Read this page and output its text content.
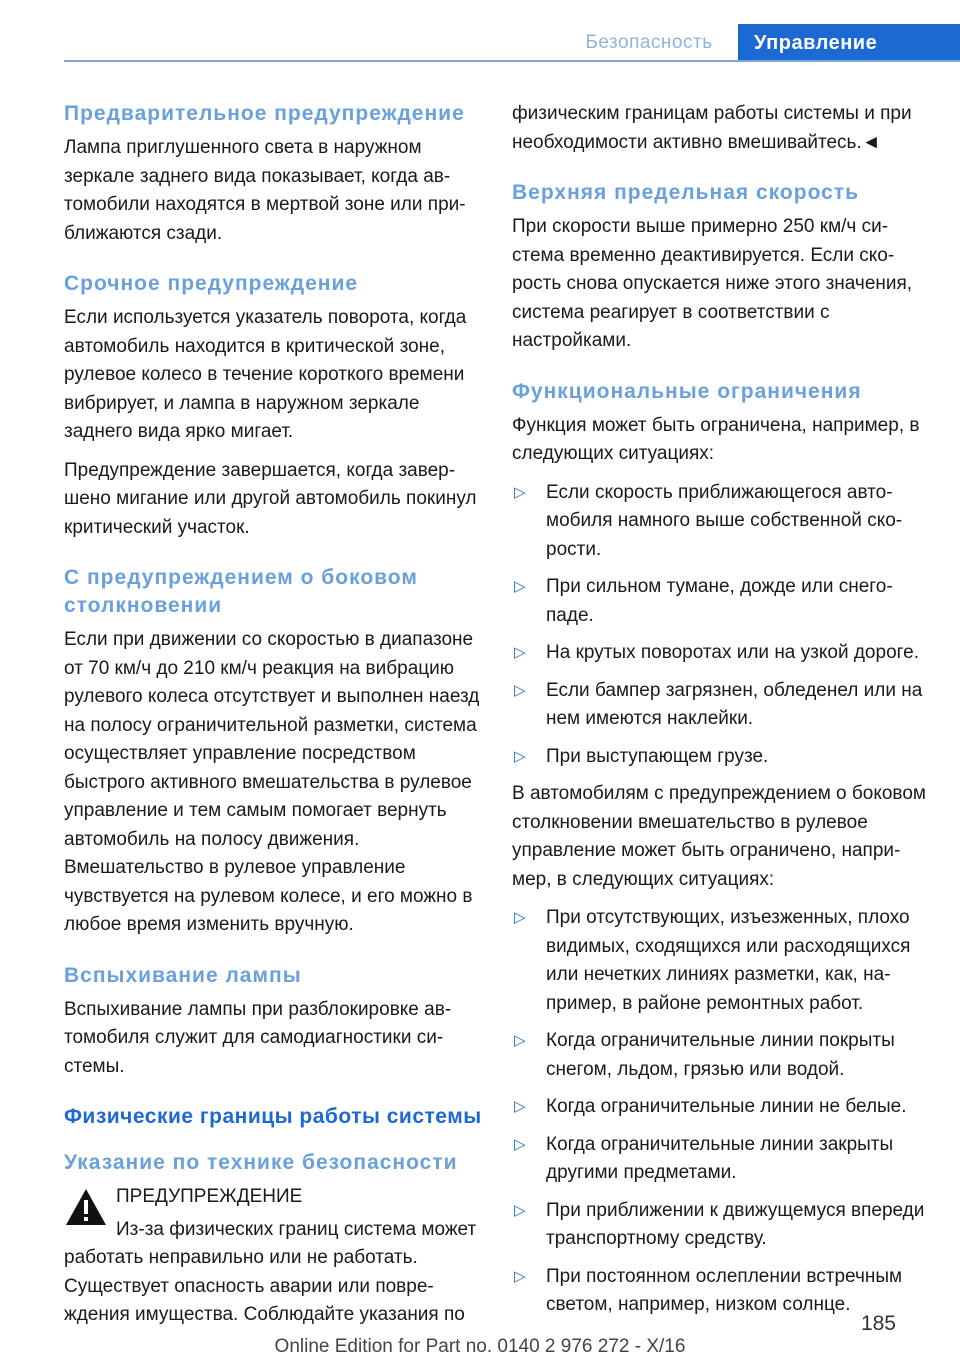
Безопасность	Управление
Предварительное предупреждение

Лампа приглушенного света в наружном зеркале заднего вида показывает, когда автомобили находятся в мертвой зоне или приближаются сзади.

Срочное предупреждение

Если используется указатель поворота, когда автомобиль находится в критической зоне, рулевое колесо в течение короткого времени вибрирует, и лампа в наружном зеркале заднего вида ярко мигает.

Предупреждение завершается, когда завершено мигание или другой автомобиль покинул критический участок.

С предупреждением о боковом столкновении

Если при движении со скоростью в диапазоне от 70 км/ч до 210 км/ч реакция на вибрацию рулевого колеса отсутствует и выполнен наезд на полосу ограничительной разметки, система осуществляет управление посредством быстрого активного вмешательства в рулевое управление и тем самым помогает вернуть автомобиль на полосу движения. Вмешательство в рулевое управление чувствуется на рулевом колесе, и его можно в любое время изменить вручную.

Вспыхивание лампы

Вспыхивание лампы при разблокировке автомобиля служит для самодиагностики системы.

Физические границы работы системы
Указание по технике безопасности
ПРЕДУПРЕЖДЕНИЕ

Из-за физических границ система может работать неправильно или не работать. Существует опасность аварии или повреждения имущества. Соблюдайте указания по

физическим границам работы системы и при необходимости активно вмешивайтесь.◄

Верхняя предельная скорость

При скорости выше примерно 250 км/ч система временно деактивируется. Если скорость снова опускается ниже этого значения, система реагирует в соответствии с настройками.

Функциональные ограничения

Функция может быть ограничена, например, в следующих ситуациях:

▷ Если скорость приближающегося автомобиля намного выше собственной скорости.
▷ При сильном тумане, дожде или снегопаде.
▷ На крутых поворотах или на узкой дороге.
▷ Если бампер загрязнен, обледенел или на нем имеются наклейки.
▷ При выступающем грузе.

В автомобилям с предупреждением о боковом столкновении вмешательство в рулевое управление может быть ограничено, например, в следующих ситуациях:

▷ При отсутствующих, изъезженных, плохо видимых, сходящихся или расходящихся или нечетких линиях разметки, как, например, в районе ремонтных работ.
▷ Когда ограничительные линии покрыты снегом, льдом, грязью или водой.
▷ Когда ограничительные линии не белые.
▷ Когда ограничительные линии закрыты другими предметами.
▷ При приближении к движущемуся впереди транспортному средству.
▷ При постоянном ослеплении встречным светом, например, низком солнце.
185
Online Edition for Part no. 0140 2 976 272 - X/16
